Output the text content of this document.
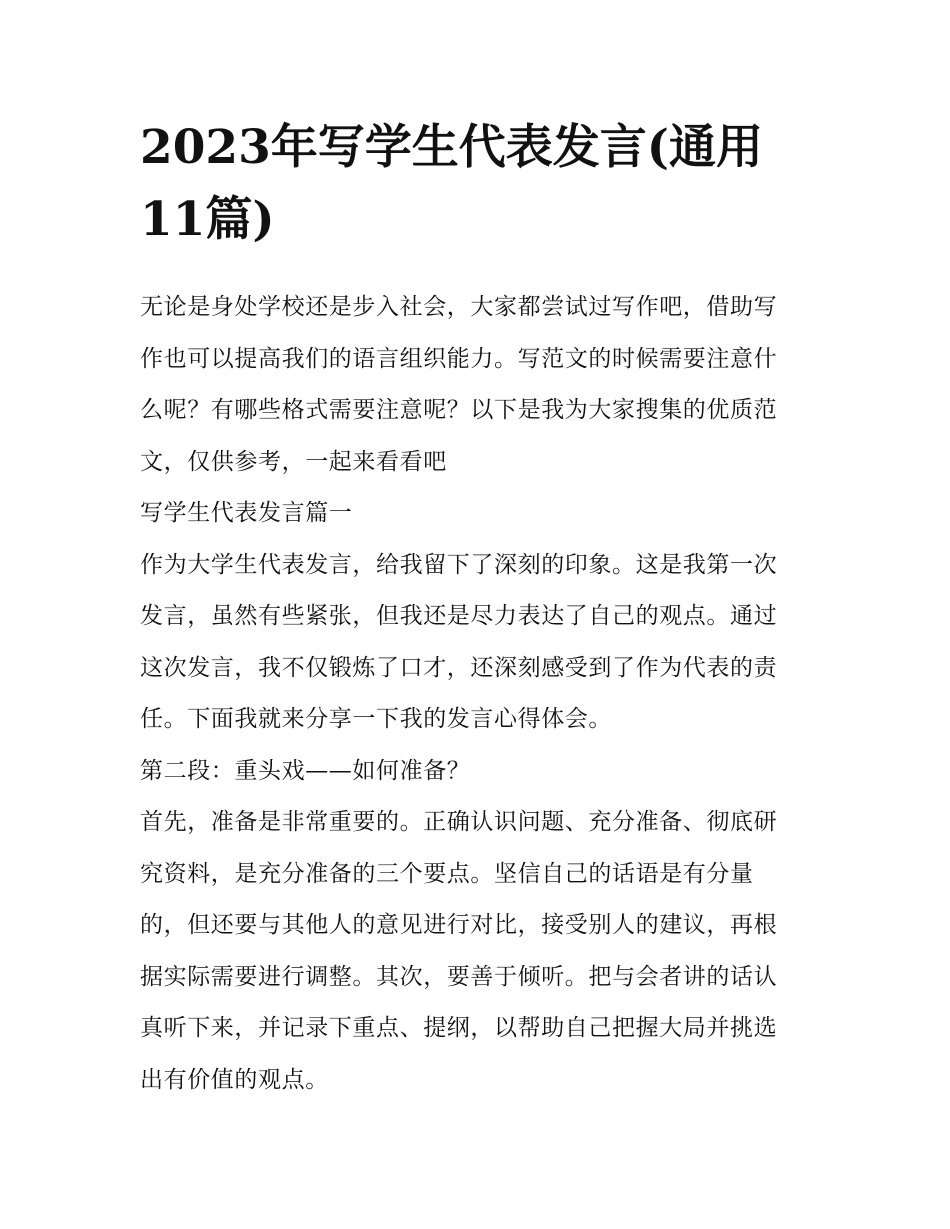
2023年写学生代表发言(通用
11篇)
无论是身处学校还是步入社会，大家都尝试过写作吧，借助写
作也可以提高我们的语言组织能力。写范文的时候需要注意什
么呢？有哪些格式需要注意呢？以下是我为大家搜集的优质范
文，仅供参考，一起来看看吧
写学生代表发言篇一
作为大学生代表发言，给我留下了深刻的印象。这是我第一次
发言，虽然有些紧张，但我还是尽力表达了自己的观点。通过
这次发言，我不仅锻炼了口才，还深刻感受到了作为代表的责
任。下面我就来分享一下我的发言心得体会。
第二段：重头戏——如何准备？
首先，准备是非常重要的。正确认识问题、充分准备、彻底研
究资料，是充分准备的三个要点。坚信自己的话语是有分量
的，但还要与其他人的意见进行对比，接受别人的建议，再根
据实际需要进行调整。其次，要善于倾听。把与会者讲的话认
真听下来，并记录下重点、提纲，以帮助自己把握大局并挑选
出有价值的观点。
